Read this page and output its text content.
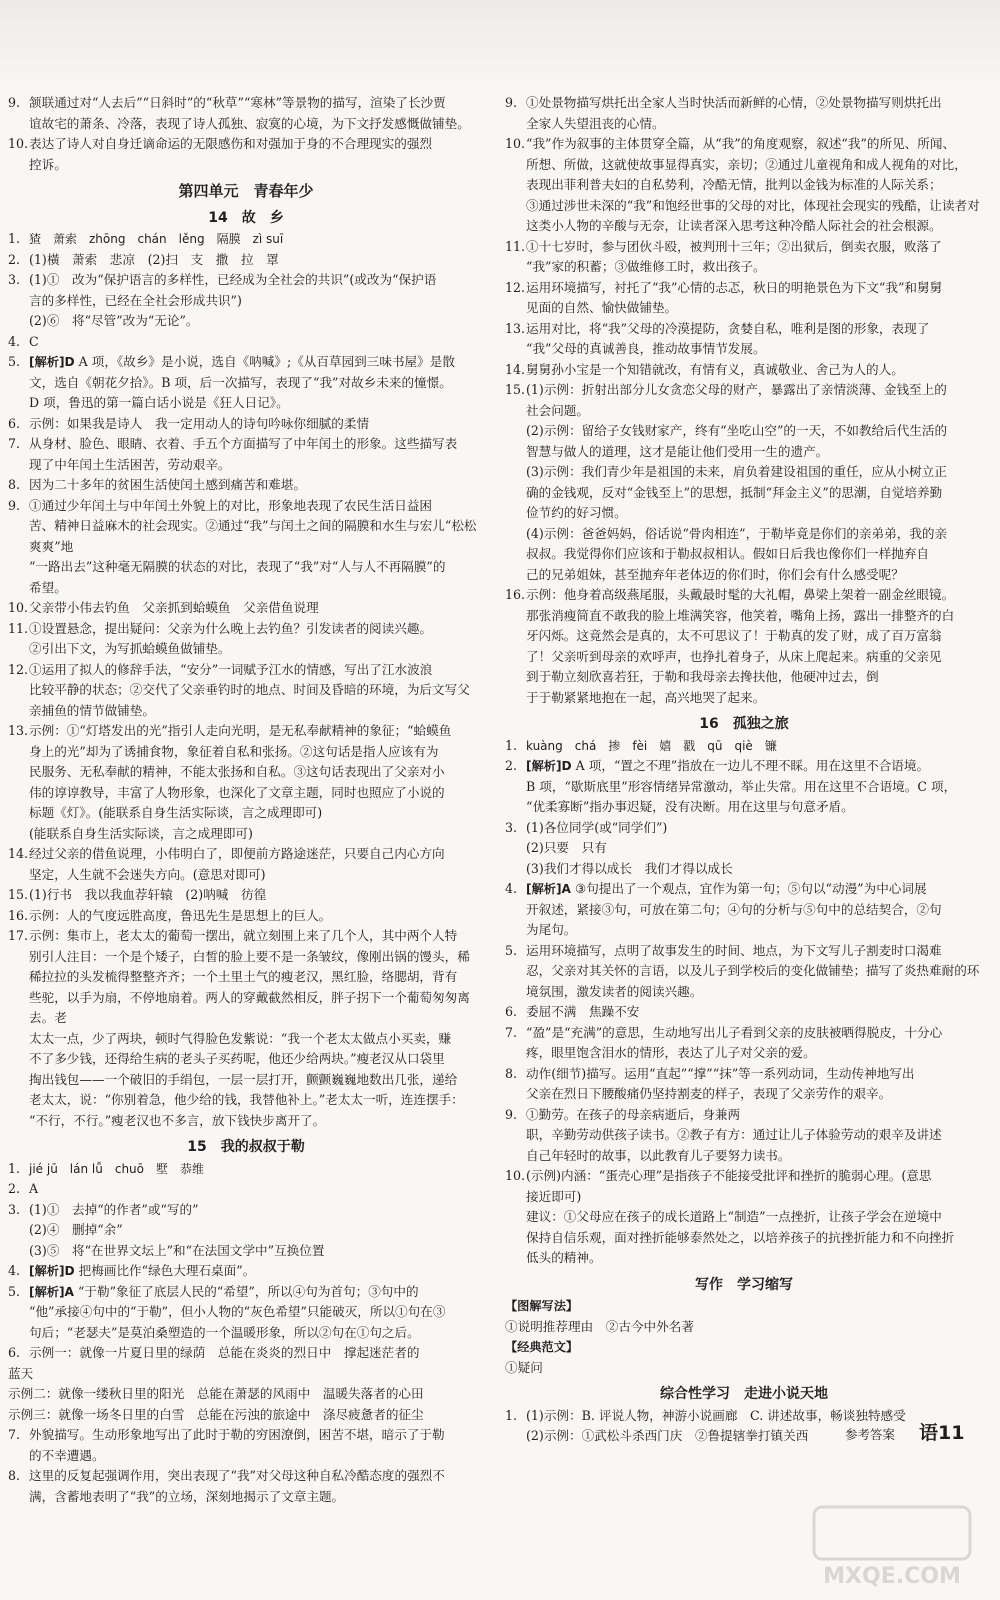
9. 颔联通过对“人去后”“日斜时”的“秋草”“寒林”等景物的描写，渲染了长沙贾
谊故宅的萧条、冷落，表现了诗人孤独、寂寞的心境，为下文抒发感慨做铺垫。
10. 表达了诗人对自身迁谪命运的无限感伤和对强加于身的不合理现实的强烈
控诉。
第四单元　青春年少
14　故　乡
1. 猹　萧索　zhōng　chán　lěng　隔膜　zì suī
2. (1)橫　萧索　悲凉　(2)扫　支　撒　拉　罩
3. (1)①　改为“保护语言的多样性，已经成为全社会的共识”(或改为“保护语
言的多样性，已经在全社会形成共识”)
(2)⑥　将“尽管”改为“无论”。
4. C
5. [解析]D A 项，《故乡》是小说，选自《呐喊》;《从百草园到三味书屋》是散
文，选自《朝花夕拾》。B 项，后一次描写，表现了“我”对故乡未来的憧憬。
D 项，鲁迅的第一篇白话小说是《狂人日记》。
6. 示例：如果我是诗人　我一定用动人的诗句吟咏你细腻的柔情
7. 从身材、脸色、眼睛、衣着、手五个方面描写了中年闰土的形象。这些描写表
现了中年闰土生活困苦，劳动艰辛。
8. 因为二十多年的贫困生活使闰土感到痛苦和难堪。
9. ①通过少年闰土与中年闰土外貌上的对比，形象地表现了农民生活日益困
苦、精神日益麻木的社会现实。②通过“我”与闰土之间的隔膜和水生与宏儿“松松爽爽”地
“一路出去”这种毫无隔膜的状态的对比，表现了“我”对“人与人不再隔膜”的
希望。
10. 父亲带小伟去钓鱼　父亲抓到蛤蟆鱼　父亲借鱼说理
11. ①设置悬念，提出疑问：父亲为什么晚上去钓鱼？引发读者的阅读兴趣。
②引出下文，为写抓蛤蟆鱼做铺垫。
12. ①运用了拟人的修辞手法，“安分”一词赋予江水的情感，写出了江水波浪
比较平静的状态；②交代了父亲垂钓时的地点、时间及昏暗的环境，为后文写父
亲捕鱼的情节做铺垫。
13. 示例：①“灯塔发出的光”指引人走向光明，是无私奉献精神的象征；“蛤蟆鱼
身上的光”却为了诱捕食物，象征着自私和张扬。②这句话是指人应该有为
民服务、无私奉献的精神，不能太张扬和自私。③这句话表现出了父亲对小
伟的谆谆教导，丰富了人物形象，也深化了文章主题，同时也照应了小说的
标题《灯》。(能联系自身生活实际谈，言之成理即可)
(能联系自身生活实际谈，言之成理即可)
14. 经过父亲的借鱼说理，小伟明白了，即便前方路途迷茫，只要自己内心方向
坚定，人生就不会迷失方向。(意思对即可)
15. (1)行书　我以我血荐轩辕　(2)呐喊　彷徨
16. 示例：人的气度远胜高度，鲁迅先生是思想上的巨人。
17. 示例：集市上，老太太的葡萄一摆出，就立刻围上来了几个人，其中两个人特
别引人注目：一个是个矮子，白皙的脸上要不是一条皱纹，像刚出锅的馒头，稀
稀拉拉的头发梳得整整齐齐；一个土里土气的瘦老汉，黑红脸，络腮胡，背有
些驼，以手为扇，不停地扇着。两人的穿戴截然相反，胖子拐下一个葡萄匆匆离去。老
太太一点，少了两块，顿时气得脸色发紫说：“我一个老太太做点小买卖，赚
不了多少钱，还得给生病的老头子买药呢，他还少给两块。”瘦老汉从口袋里
掏出钱包——一个破旧的手绢包，一层一层打开，颤颤巍巍地数出几张，递给
老太太，说：“你别着急，他少给的钱，我替他补上。”老太太一听，连连摆手：
“不行，不行。”瘦老汉也不多言，放下钱快步离开了。
15　我的叔叔于勒
1. jié jū　lán lǚ　chuō　墅　恭维
2. A
3. (1)①　去掉“的作者”或“写的”
(2)④　删掉“余”
(3)⑤　将“在世界文坛上”和“在法国文学中”互换位置
4. [解析]D 把梅画比作“绿色大理石桌面”。
5. [解析]A “于勒”象征了底层人民的“希望”，所以④句为首句；③句中的
“他”承接④句中的“于勒”，但小人物的“灰色希望”只能破灭，所以①句在③
句后；“老瑟夫”是莫泊桑塑造的一个温暖形象，所以②句在①句之后。
6. 示例一：就像一片夏日里的绿荫　总能在炎炎的烈日中　撑起迷茫者的
蓝天
示例二：就像一缕秋日里的阳光　总能在萧瑟的风雨中　温暖失落者的心田
示例三：就像一场冬日里的白雪　总能在污浊的旅途中　涤尽疲惫者的征尘
7. 外貌描写。生动形象地写出了此时于勒的穷困潦倒，困苦不堪，暗示了于勒
的不幸遭遇。
8. 这里的反复起强调作用，突出表现了“我”对父母这种自私冷酷态度的强烈不
满，含蓄地表明了“我”的立场，深刻地揭示了文章主题。
9. ①处景物描写烘托出全家人当时快活而新鲜的心情，②处景物描写则烘托出
全家人失望沮丧的心情。
10. “我”作为叙事的主体贯穿全篇，从“我”的角度观察，叙述“我”的所见、所闻、
所想、所做，这就使故事显得真实，亲切；②通过儿童视角和成人视角的对比，
表现出菲利普夫妇的自私势利，冷酷无情，批判以金钱为标准的人际关系；
③通过涉世未深的“我”和饱经世事的父母的对比，体现社会现实的残酷，让读者对
这类小人物的辛酸与无奈，让读者深入思考这种冷酷人际社会的社会根源。
11. ①十七岁时，参与团伙斗殴，被判刑十三年；②出狱后，倒卖衣服，败落了
“我”家的积蓄；③做维修工时，救出孩子。
12. 运用环境描写，衬托了“我”心情的忐忑，秋日的明艳景色为下文“我”和舅舅
见面的自然、愉快做铺垫。
13. 运用对比，将“我”父母的冷漠提防，贪婪自私，唯利是图的形象，表现了
“我”父母的真诚善良，推动故事情节发展。
14. 舅舅孙小宝是一个知错就改，有情有义，真诚敬业、舍己为人的人。
15. (1)示例：折射出部分儿女贪恋父母的财产，暴露出了亲情淡薄、金钱至上的
社会问题。
(2)示例：留给子女钱财家产，终有“坐吃山空”的一天，不如教给后代生活的
智慧与做人的道理，这才是能让他们受用一生的遗产。
(3)示例：我们青少年是祖国的未来，肩负着建设祖国的重任，应从小树立正
确的金钱观，反对“金钱至上”的思想，抵制“拜金主义”的思潮，自觉培养勤
俭节约的好习惯。
(4)示例：爸爸妈妈，俗话说“骨肉相连”，于勒毕竟是你们的亲弟弟，我的亲
叔叔。我觉得你们应该和于勒叔叔相认。假如日后我也像你们一样抛弃自
己的兄弟姐妹，甚至抛弃年老体迈的你们时，你们会有什么感受呢？
16. 示例：他身着高级燕尾服，头戴最时髦的大礼帽，鼻梁上架着一副金丝眼镜。
那张消瘦简直不敢我的脸上堆满笑容，他笑着，嘴角上扬，露出一排整齐的白
牙闪烁。这竟然会是真的，太不可思议了！于勒真的发了财，成了百万富翁
了！父亲听到母亲的欢呼声，也挣扎着身子，从床上爬起来。病重的父亲见
到于勒立刻欣喜若狂，于勒和我母亲去搀扶他，他硬冲过去，倒
于于勒紧紧地抱在一起，高兴地哭了起来。
16　孤独之旅
1. kuàng　chá　掺　fèi　嬉　戳　qū　qiè　镰
2. [解析]D A 项，“置之不理”指放在一边儿不理不睬。用在这里不合语境。
B 项，“歇斯底里”形容情绪异常激动，举止失常。用在这里不合语境。C 项，
“优柔寡断”指办事迟疑，没有决断。用在这里与句意矛盾。
3. (1)各位同学(或“同学们”)
(2)只要　只有
(3)我们才得以成长　我们才得以成长
4. [解析]A ③句提出了一个观点，宜作为第一句；⑤句以“动漫”为中心词展
开叙述，紧接③句，可放在第二句；④句的分析与⑤句中的总结契合，②句
为尾句。
5. 运用环境描写，点明了故事发生的时间、地点，为下文写儿子割麦时口渴难
忍，父亲对其关怀的言语，以及儿子到学校后的变化做铺垫；描写了炎热难耐的环
境氛围，激发读者的阅读兴趣。
6. 委屈不满　焦躁不安
7. “盈”是“充满”的意思，生动地写出儿子看到父亲的皮肤被晒得脱皮，十分心
疼，眼里饱含泪水的情形，表达了儿子对父亲的爱。
8. 动作(细节)描写。运用“直起”“撑”“抹”等一系列动词，生动传神地写出
父亲在烈日下腰酸痛仍坚持割麦的样子，表现了父亲劳作的艰辛。
9. ①勤劳。在孩子的母亲病逝后，身兼两
职，辛勤劳动供孩子读书。②教子有方：通过让儿子体验劳动的艰辛及讲述
自己年轻时的故事，以此教育儿子要努力读书。
10. (示例)内涵：“蛋壳心理”是指孩子不能接受批评和挫折的脆弱心理。(意思
接近即可)
建议：①父母应在孩子的成长道路上“制造”一点挫折，让孩子学会在逆境中
保持自信乐观，面对挫折能够泰然处之，以培养孩子的抗挫折能力和不向挫折
低头的精神。
写作　学习缩写
【图解写法】
①说明推荐理由　②古今中外名著
【经典范文】
①疑问
综合性学习　走进小说天地
1. (1)示例：B. 评说人物，神游小说画廊　C. 讲述故事，畅谈独特感受
(2)示例：①武松斗杀西门庆　②鲁提辖拳打镇关西	参考答案 语11
MXQE.COM
